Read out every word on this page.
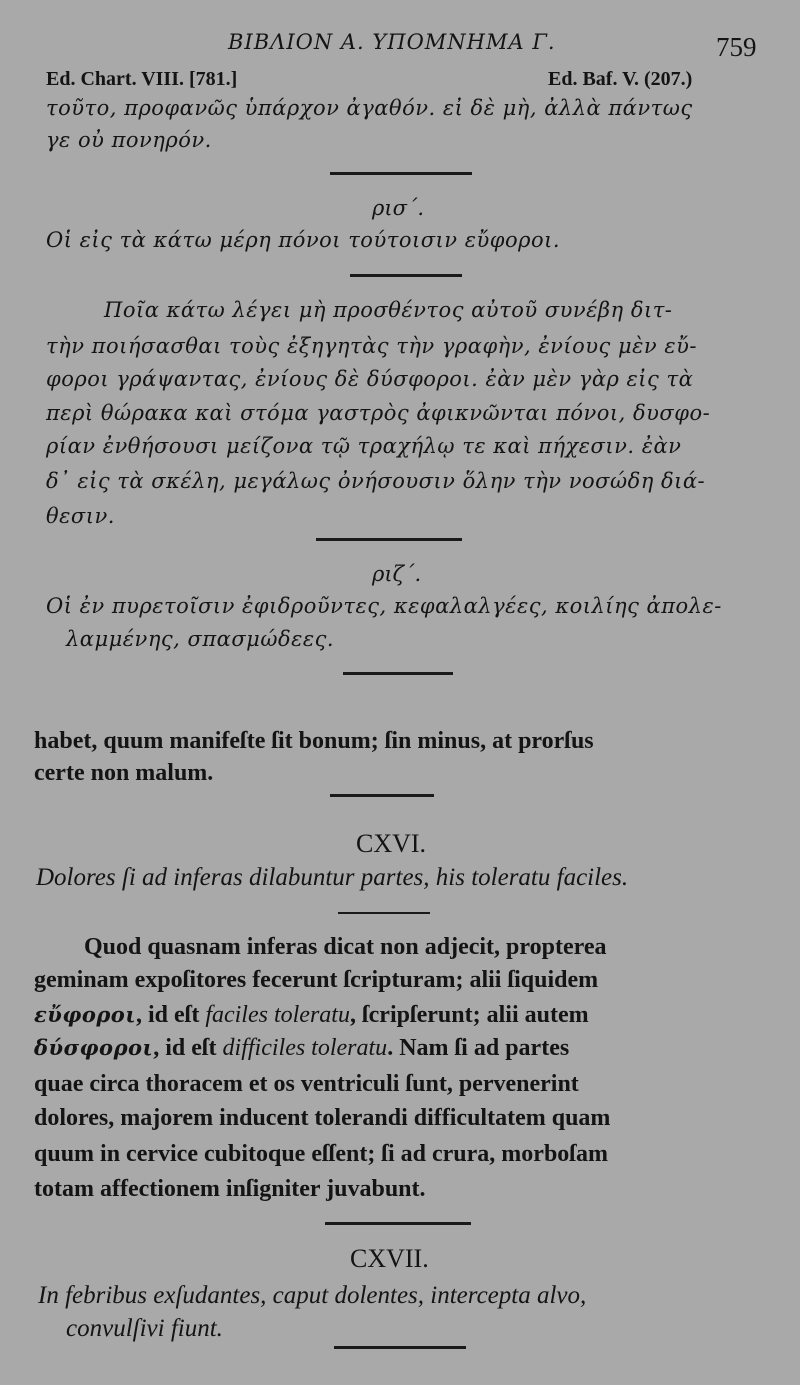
ΒΙΒΛΙΟΝ Α. ΥΠΟΜΝΗΜΑ Γ.	759
Ed. Chart. VIII. [781.]	Ed. Baf. V. (207.)
τοῦτο, προφανῶς ὑπάρχον ἀγαθόν. εἰ δὲ μὴ, ἀλλὰ πάντως
γε οὐ πονηρόν.
ρισ΄.
Οἱ εἰς τὰ κάτω μέρη πόνοι τούτοισιν εὔφοροι.
Ποῖα κάτω λέγει μὴ προσθέντος αὐτοῦ συνέβη διτ-
τὴν ποιήσασθαι τοὺς ἐξηγητὰς τὴν γραφὴν, ἐνίους μὲν εὔ-
φοροι γράψαντας, ἐνίους δὲ δύσφοροι. ἐὰν μὲν γὰρ εἰς τὰ
περὶ θώρακα καὶ στόμα γαστρὸς ἀφικνῶνται πόνοι, δυσφο-
ρίαν ἐνθήσουσι μείζονα τῷ τραχήλῳ τε καὶ πήχεσιν. ἐὰν
δ᾽ εἰς τὰ σκέλη, μεγάλως ὀνήσουσιν ὅλην τὴν νοσώδη διά-
θεσιν.
ριζ΄.
Οἱ ἐν πυρετοῖσιν ἐφιδροῦντες, κεφαλαλγέες, κοιλίης ἀπολε-
λαμμένης, σπασμώδεες.
habet, quum manifeſte ſit bonum; ſin minus, at prorſus
certe non malum.
CXVI.
Dolores ſi ad inferas dilabuntur partes, his toleratu faciles.
Quod quasnam inferas dicat non adjecit, propterea
geminam expoſitores fecerunt ſcripturam; alii ſiquidem
εὔφοροι, id eſt faciles toleratu, ſcripſerunt; alii autem
δύσφοροι, id eſt difficiles toleratu. Nam ſi ad partes
quae circa thoracem et os ventriculi ſunt, pervenerint
dolores, majorem inducent tolerandi difficultatem quam
quum in cervice cubitoque eſſent; ſi ad crura, morboſam
totam affectionem inſigniter juvabunt.
CXVII.
In febribus exſudantes, caput dolentes, intercepta alvo,
convulſivi fiunt.
